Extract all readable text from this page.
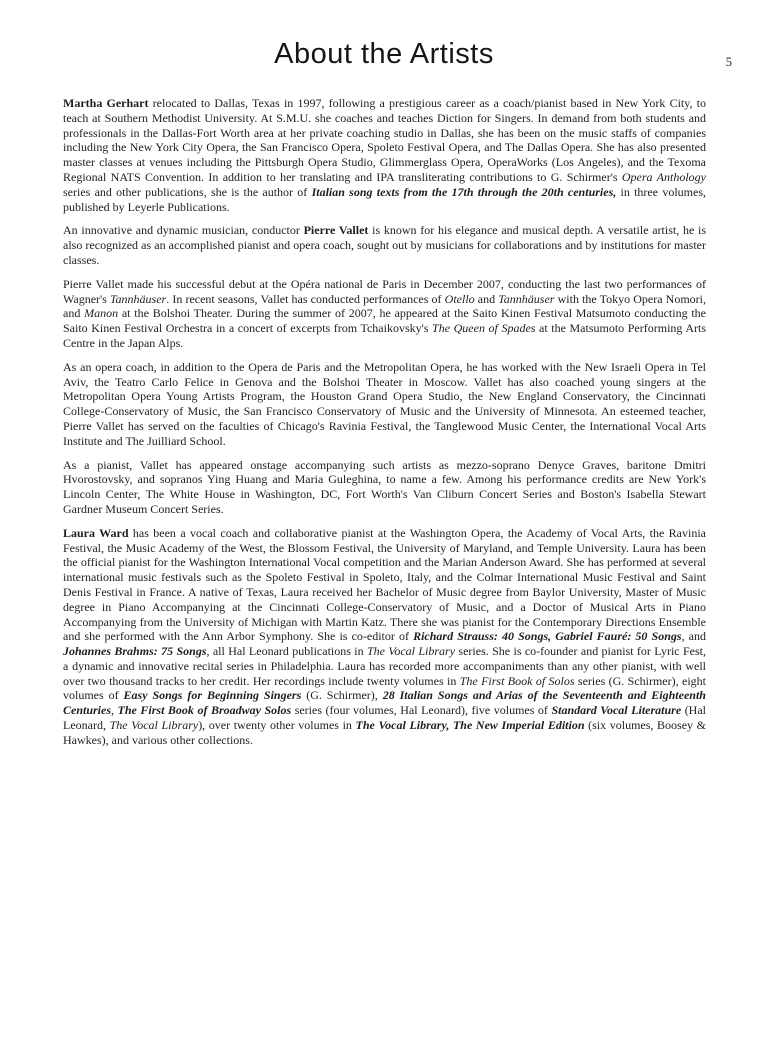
5
About the Artists

Martha Gerhart relocated to Dallas, Texas in 1997, following a prestigious career as a coach/pianist based in New York City, to teach at Southern Methodist University. At S.M.U. she coaches and teaches Diction for Singers. In demand from both students and professionals in the Dallas-Fort Worth area at her private coaching studio in Dallas, she has been on the music staffs of companies including the New York City Opera, the San Francisco Opera, Spoleto Festival Opera, and The Dallas Opera. She has also presented master classes at venues including the Pittsburgh Opera Studio, Glimmerglass Opera, OperaWorks (Los Angeles), and the Texoma Regional NATS Convention. In addition to her translating and IPA transliterating contributions to G. Schirmer's Opera Anthology series and other publications, she is the author of Italian song texts from the 17th through the 20th centuries, in three volumes, published by Leyerle Publications.

An innovative and dynamic musician, conductor Pierre Vallet is known for his elegance and musical depth. A versatile artist, he is also recognized as an accomplished pianist and opera coach, sought out by musicians for collaborations and by institutions for master classes.

Pierre Vallet made his successful debut at the Opéra national de Paris in December 2007, conducting the last two performances of Wagner's Tannhäuser. In recent seasons, Vallet has conducted performances of Otello and Tannhäuser with the Tokyo Opera Nomori, and Manon at the Bolshoi Theater. During the summer of 2007, he appeared at the Saito Kinen Festival Matsumoto conducting the Saito Kinen Festival Orchestra in a concert of excerpts from Tchaikovsky's The Queen of Spades at the Matsumoto Performing Arts Centre in the Japan Alps.

As an opera coach, in addition to the Opera de Paris and the Metropolitan Opera, he has worked with the New Israeli Opera in Tel Aviv, the Teatro Carlo Felice in Genova and the Bolshoi Theater in Moscow. Vallet has also coached young singers at the Metropolitan Opera Young Artists Program, the Houston Grand Opera Studio, the New England Conservatory, the Cincinnati College-Conservatory of Music, the San Francisco Conservatory of Music and the University of Minnesota. An esteemed teacher, Pierre Vallet has served on the faculties of Chicago's Ravinia Festival, the Tanglewood Music Center, the International Vocal Arts Institute and The Juilliard School.

As a pianist, Vallet has appeared onstage accompanying such artists as mezzo-soprano Denyce Graves, baritone Dmitri Hvorostovsky, and sopranos Ying Huang and Maria Guleghina, to name a few. Among his performance credits are New York's Lincoln Center, The White House in Washington, DC, Fort Worth's Van Cliburn Concert Series and Boston's Isabella Stewart Gardner Museum Concert Series.

Laura Ward has been a vocal coach and collaborative pianist at the Washington Opera, the Academy of Vocal Arts, the Ravinia Festival, the Music Academy of the West, the Blossom Festival, the University of Maryland, and Temple University. Laura has been the official pianist for the Washington International Vocal competition and the Marian Anderson Award. She has performed at several international music festivals such as the Spoleto Festival in Spoleto, Italy, and the Colmar International Music Festival and Saint Denis Festival in France. A native of Texas, Laura received her Bachelor of Music degree from Baylor University, Master of Music degree in Piano Accompanying at the Cincinnati College-Conservatory of Music, and a Doctor of Musical Arts in Piano Accompanying from the University of Michigan with Martin Katz. There she was pianist for the Contemporary Directions Ensemble and she performed with the Ann Arbor Symphony. She is co-editor of Richard Strauss: 40 Songs, Gabriel Fauré: 50 Songs, and Johannes Brahms: 75 Songs, all Hal Leonard publications in The Vocal Library series. She is co-founder and pianist for Lyric Fest, a dynamic and innovative recital series in Philadelphia. Laura has recorded more accompaniments than any other pianist, with well over two thousand tracks to her credit. Her recordings include twenty volumes in The First Book of Solos series (G. Schirmer), eight volumes of Easy Songs for Beginning Singers (G. Schirmer), 28 Italian Songs and Arias of the Seventeenth and Eighteenth Centuries, The First Book of Broadway Solos series (four volumes, Hal Leonard), five volumes of Standard Vocal Literature (Hal Leonard, The Vocal Library), over twenty other volumes in The Vocal Library, The New Imperial Edition (six volumes, Boosey & Hawkes), and various other collections.
